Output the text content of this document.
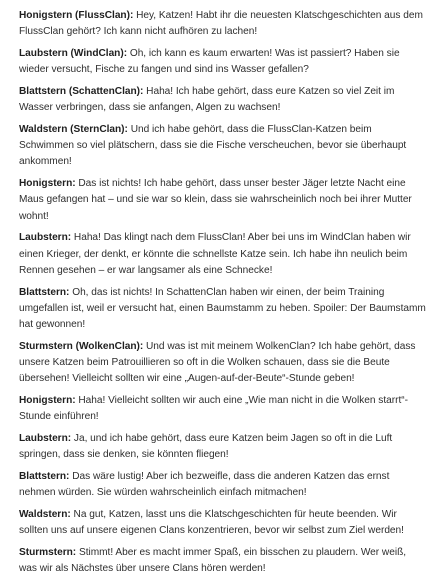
Honigstern (FlussClan): Hey, Katzen! Habt ihr die neuesten Klatschgeschichten aus dem FlussClan gehört? Ich kann nicht aufhören zu lachen!

Laubstern (WindClan): Oh, ich kann es kaum erwarten! Was ist passiert? Haben sie wieder versucht, Fische zu fangen und sind ins Wasser gefallen?

Blattstern (SchattenClan): Haha! Ich habe gehört, dass eure Katzen so viel Zeit im Wasser verbringen, dass sie anfangen, Algen zu wachsen!

Waldstern (SternClan): Und ich habe gehört, dass die FlussClan-Katzen beim Schwimmen so viel plätschern, dass sie die Fische verscheuchen, bevor sie überhaupt ankommen!

Honigstern: Das ist nichts! Ich habe gehört, dass unser bester Jäger letzte Nacht eine Maus gefangen hat – und sie war so klein, dass sie wahrscheinlich noch bei ihrer Mutter wohnt!

Laubstern: Haha! Das klingt nach dem FlussClan! Aber bei uns im WindClan haben wir einen Krieger, der denkt, er könnte die schnellste Katze sein. Ich habe ihn neulich beim Rennen gesehen – er war langsamer als eine Schnecke!

Blattstern: Oh, das ist nichts! In SchattenClan haben wir einen, der beim Training umgefallen ist, weil er versucht hat, einen Baumstamm zu heben. Spoiler: Der Baumstamm hat gewonnen!

Sturmstern (WolkenClan): Und was ist mit meinem WolkenClan? Ich habe gehört, dass unsere Katzen beim Patrouillieren so oft in die Wolken schauen, dass sie die Beute übersehen! Vielleicht sollten wir eine „Augen-auf-der-Beute“-Stunde geben!

Honigstern: Haha! Vielleicht sollten wir auch eine „Wie man nicht in die Wolken starrt“-Stunde einführen!

Laubstern: Ja, und ich habe gehört, dass eure Katzen beim Jagen so oft in die Luft springen, dass sie denken, sie könnten fliegen!

Blattstern: Das wäre lustig! Aber ich bezweifle, dass die anderen Katzen das ernst nehmen würden. Sie würden wahrscheinlich einfach mitmachen!

Waldstern: Na gut, Katzen, lasst uns die Klatschgeschichten für heute beenden. Wir sollten uns auf unsere eigenen Clans konzentrieren, bevor wir selbst zum Ziel werden!

Sturmstern: Stimmt! Aber es macht immer Spaß, ein bisschen zu plaudern. Wer weiß, was wir als Nächstes über unsere Clans hören werden!
